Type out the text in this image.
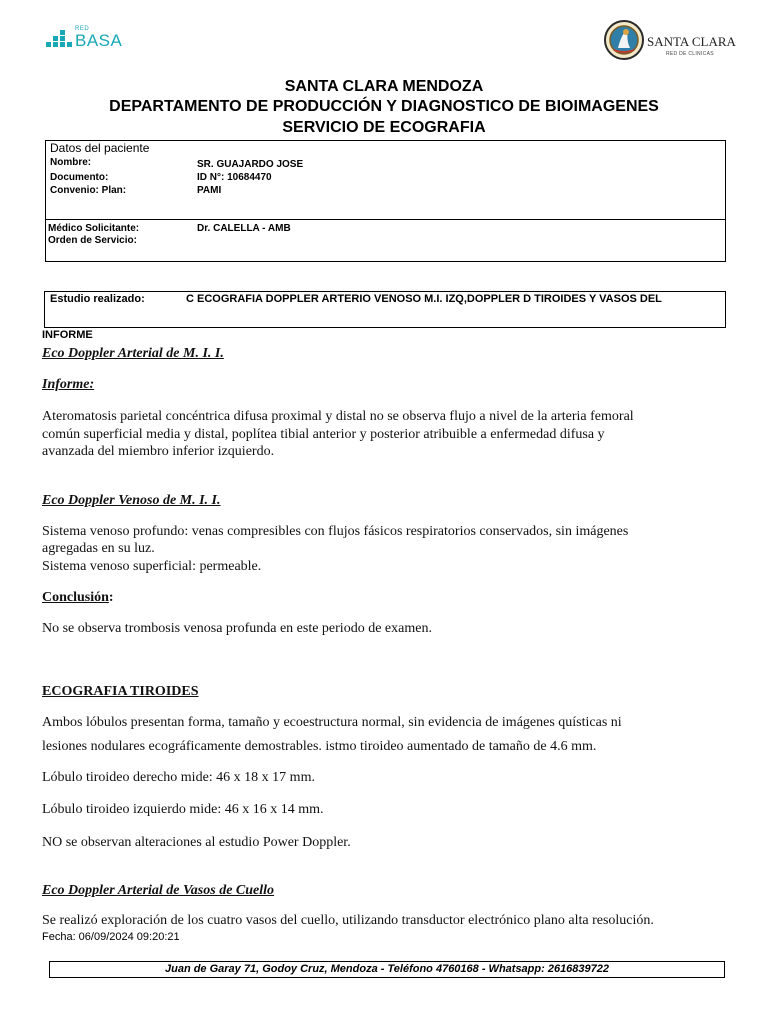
RED
BASA	SANTA CLARA
RED DE CLINICAS
SANTA CLARA MENDOZA
DEPARTAMENTO DE PRODUCCIÓN Y DIAGNOSTICO DE BIOIMAGENES
SERVICIO DE ECOGRAFIA
Datos del paciente
Nombre:	SR. GUAJARDO JOSE
Documento:	ID N°: 10684470
Convenio: Plan:	PAMI
Médico Solicitante:	Dr. CALELLA - AMB
Orden de Servicio:
Estudio realizado:	C ECOGRAFIA DOPPLER ARTERIO VENOSO M.I. IZQ,DOPPLER D TIROIDES Y VASOS DEL
INFORME
Eco Doppler Arterial de M. I. I.
Informe:
Ateromatosis parietal concéntrica difusa proximal y distal no se observa flujo a nivel de la arteria femoral
común superficial media y distal, poplítea tibial anterior y posterior atribuible a enfermedad difusa y
avanzada del miembro inferior izquierdo.
Eco Doppler Venoso de M. I. I.
Sistema venoso profundo: venas compresibles con flujos fásicos respiratorios conservados, sin imágenes
agregadas en su luz.
Sistema venoso superficial: permeable.
Conclusión:
No se observa trombosis venosa profunda en este periodo de examen.
ECOGRAFIA TIROIDES
Ambos lóbulos presentan forma, tamaño y ecoestructura normal, sin evidencia de imágenes quísticas ni
lesiones nodulares ecográficamente demostrables. istmo tiroideo aumentado de tamaño de 4.6 mm.
Lóbulo tiroideo derecho mide: 46 x 18 x 17 mm.
Lóbulo tiroideo izquierdo mide: 46 x 16 x 14 mm.
NO se observan alteraciones al estudio Power Doppler.
Eco Doppler Arterial de Vasos de Cuello
Se realizó exploración de los cuatro vasos del cuello, utilizando transductor electrónico plano alta resolución.
Fecha: 06/09/2024 09:20:21
Juan de Garay 71, Godoy Cruz, Mendoza - Teléfono 4760168 - Whatsapp: 2616839722
